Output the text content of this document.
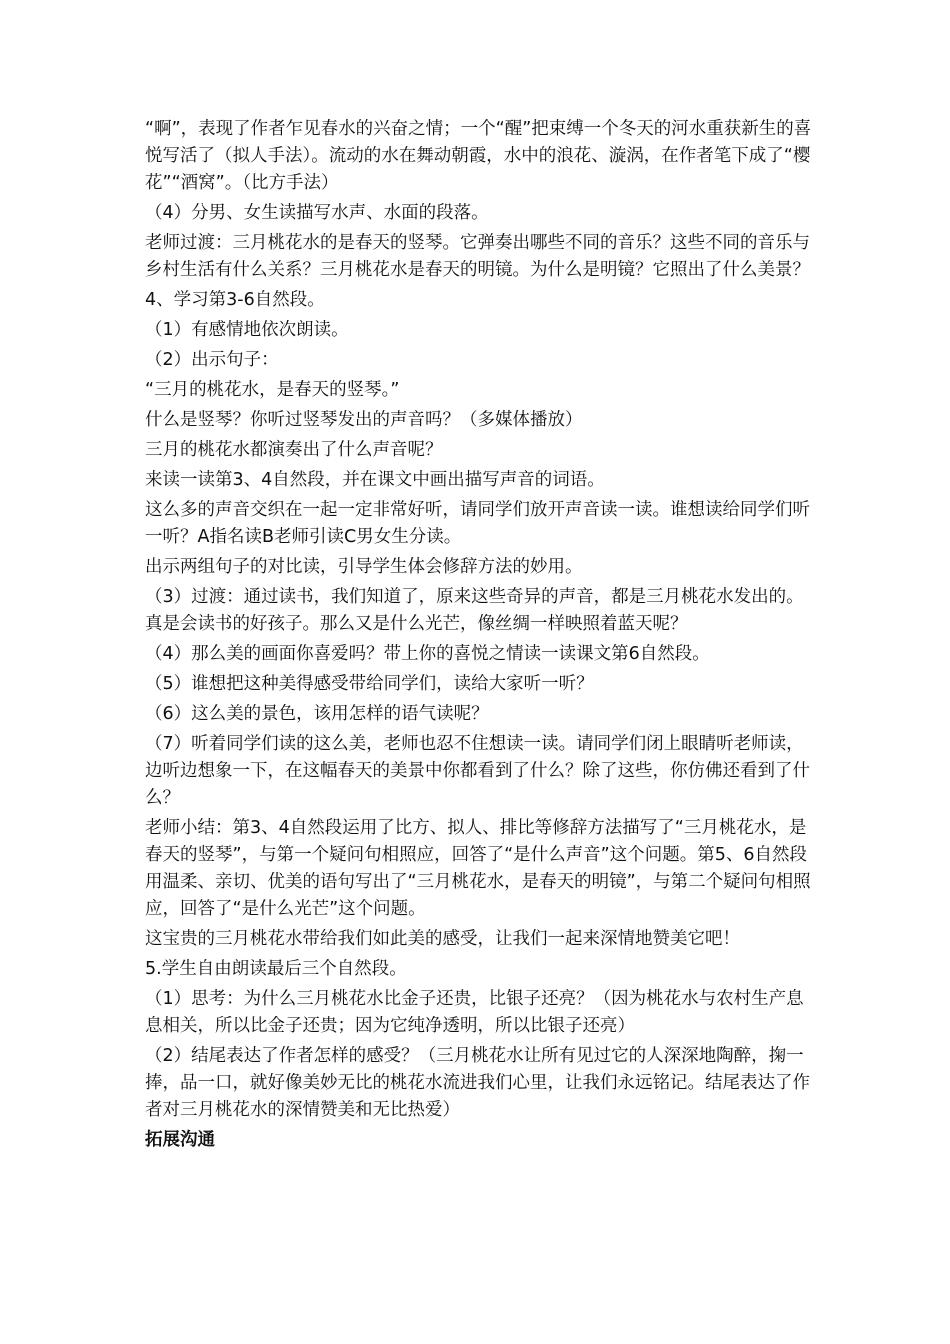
“啊”，表现了作者乍见春水的兴奋之情；一个“醒”把束缚一个冬天的河水重获新生的喜悦写活了（拟人手法）。流动的水在舞动朝霞，水中的浪花、漩涡，在作者笔下成了“樱花”“酒窝”。（比方手法）

（4）分男、女生读描写水声、水面的段落。

老师过渡：三月桃花水的是春天的竖琴。它弹奏出哪些不同的音乐？这些不同的音乐与乡村生活有什么关系？三月桃花水是春天的明镜。为什么是明镜？它照出了什么美景？

4、学习第3-6自然段。

（1）有感情地依次朗读。

（2）出示句子：

“三月的桃花水，是春天的竖琴。”

什么是竖琴？你听过竖琴发出的声音吗？（多媒体播放）

三月的桃花水都演奏出了什么声音呢？

来读一读第3、4自然段，并在课文中画出描写声音的词语。

这么多的声音交织在一起一定非常好听，请同学们放开声音读一读。谁想读给同学们听一听？A指名读B老师引读C男女生分读。

出示两组句子的对比读，引导学生体会修辞方法的妙用。

（3）过渡：通过读书，我们知道了，原来这些奇异的声音，都是三月桃花水发出的。真是会读书的好孩子。那么又是什么光芒，像丝绸一样映照着蓝天呢？

（4）那么美的画面你喜爱吗？带上你的喜悦之情读一读课文第6自然段。

（5）谁想把这种美得感受带给同学们，读给大家听一听？

（6）这么美的景色，该用怎样的语气读呢？

（7）听着同学们读的这么美，老师也忍不住想读一读。请同学们闭上眼睛听老师读，边听边想象一下，在这幅春天的美景中你都看到了什么？除了这些，你仿佛还看到了什么？

老师小结：第3、4自然段运用了比方、拟人、排比等修辞方法描写了“三月桃花水，是春天的竖琴”，与第一个疑问句相照应，回答了“是什么声音”这个问题。第5、6自然段用温柔、亲切、优美的语句写出了“三月桃花水，是春天的明镜”，与第二个疑问句相照应，回答了“是什么光芒”这个问题。

这宝贵的三月桃花水带给我们如此美的感受，让我们一起来深情地赞美它吧！

5.学生自由朗读最后三个自然段。

（1）思考：为什么三月桃花水比金子还贵，比银子还亮？（因为桃花水与农村生产息息相关，所以比金子还贵；因为它纯净透明，所以比银子还亮）

（2）结尾表达了作者怎样的感受？（三月桃花水让所有见过它的人深深地陶醉，掬一捧，品一口，就好像美妙无比的桃花水流进我们心里，让我们永远铭记。结尾表达了作者对三月桃花水的深情赞美和无比热爱）

拓展沟通
